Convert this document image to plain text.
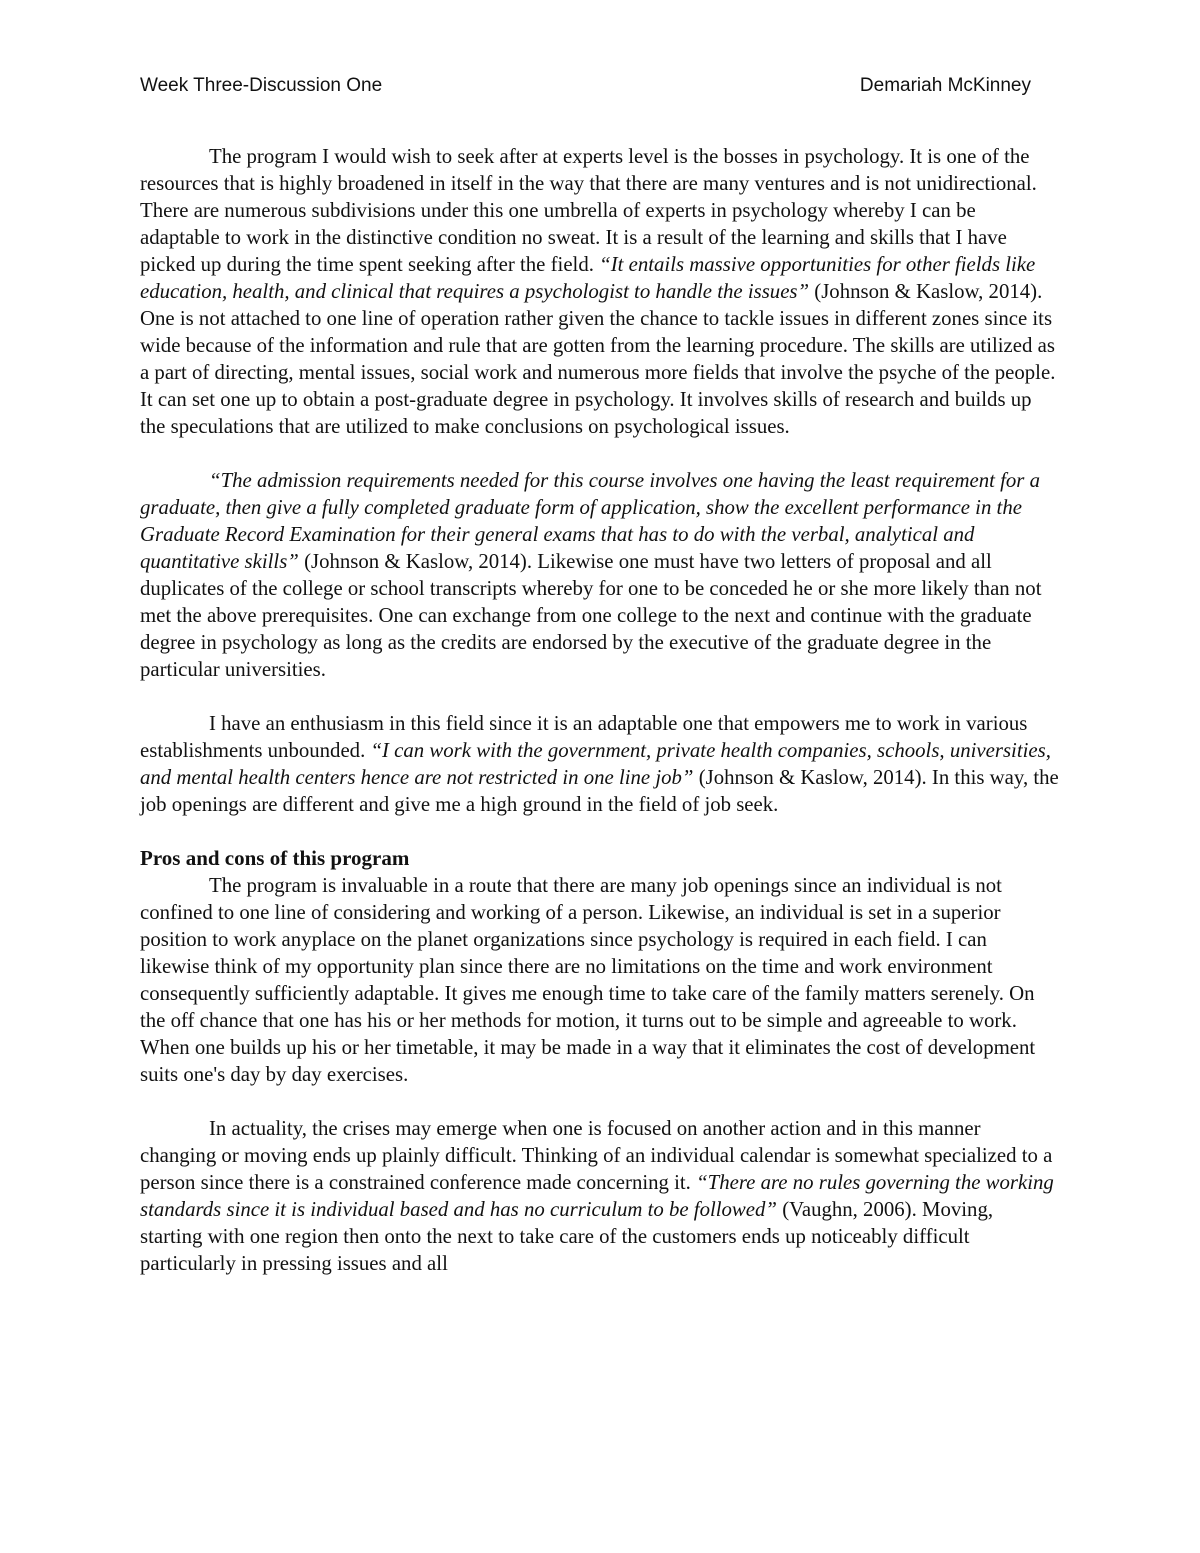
Week Three-Discussion One	Demariah McKinney

The program I would wish to seek after at experts level is the bosses in psychology. It is one of the resources that is highly broadened in itself in the way that there are many ventures and is not unidirectional. There are numerous subdivisions under this one umbrella of experts in psychology whereby I can be adaptable to work in the distinctive condition no sweat. It is a result of the learning and skills that I have picked up during the time spent seeking after the field. “It entails massive opportunities for other fields like education, health, and clinical that requires a psychologist to handle the issues” (Johnson & Kaslow, 2014). One is not attached to one line of operation rather given the chance to tackle issues in different zones since its wide because of the information and rule that are gotten from the learning procedure. The skills are utilized as a part of directing, mental issues, social work and numerous more fields that involve the psyche of the people. It can set one up to obtain a post-graduate degree in psychology. It involves skills of research and builds up the speculations that are utilized to make conclusions on psychological issues.

“The admission requirements needed for this course involves one having the least requirement for a graduate, then give a fully completed graduate form of application, show the excellent performance in the Graduate Record Examination for their general exams that has to do with the verbal, analytical and quantitative skills” (Johnson & Kaslow, 2014). Likewise one must have two letters of proposal and all duplicates of the college or school transcripts whereby for one to be conceded he or she more likely than not met the above prerequisites. One can exchange from one college to the next and continue with the graduate degree in psychology as long as the credits are endorsed by the executive of the graduate degree in the particular universities.

I have an enthusiasm in this field since it is an adaptable one that empowers me to work in various establishments unbounded. “I can work with the government, private health companies, schools, universities, and mental health centers hence are not restricted in one line job” (Johnson & Kaslow, 2014). In this way, the job openings are different and give me a high ground in the field of job seek.

Pros and cons of this program

The program is invaluable in a route that there are many job openings since an individual is not confined to one line of considering and working of a person. Likewise, an individual is set in a superior position to work anyplace on the planet organizations since psychology is required in each field. I can likewise think of my opportunity plan since there are no limitations on the time and work environment consequently sufficiently adaptable. It gives me enough time to take care of the family matters serenely. On the off chance that one has his or her methods for motion, it turns out to be simple and agreeable to work. When one builds up his or her timetable, it may be made in a way that it eliminates the cost of development suits one's day by day exercises.

In actuality, the crises may emerge when one is focused on another action and in this manner changing or moving ends up plainly difficult. Thinking of an individual calendar is somewhat specialized to a person since there is a constrained conference made concerning it. “There are no rules governing the working standards since it is individual based and has no curriculum to be followed” (Vaughn, 2006). Moving, starting with one region then onto the next to take care of the customers ends up noticeably difficult particularly in pressing issues and all
